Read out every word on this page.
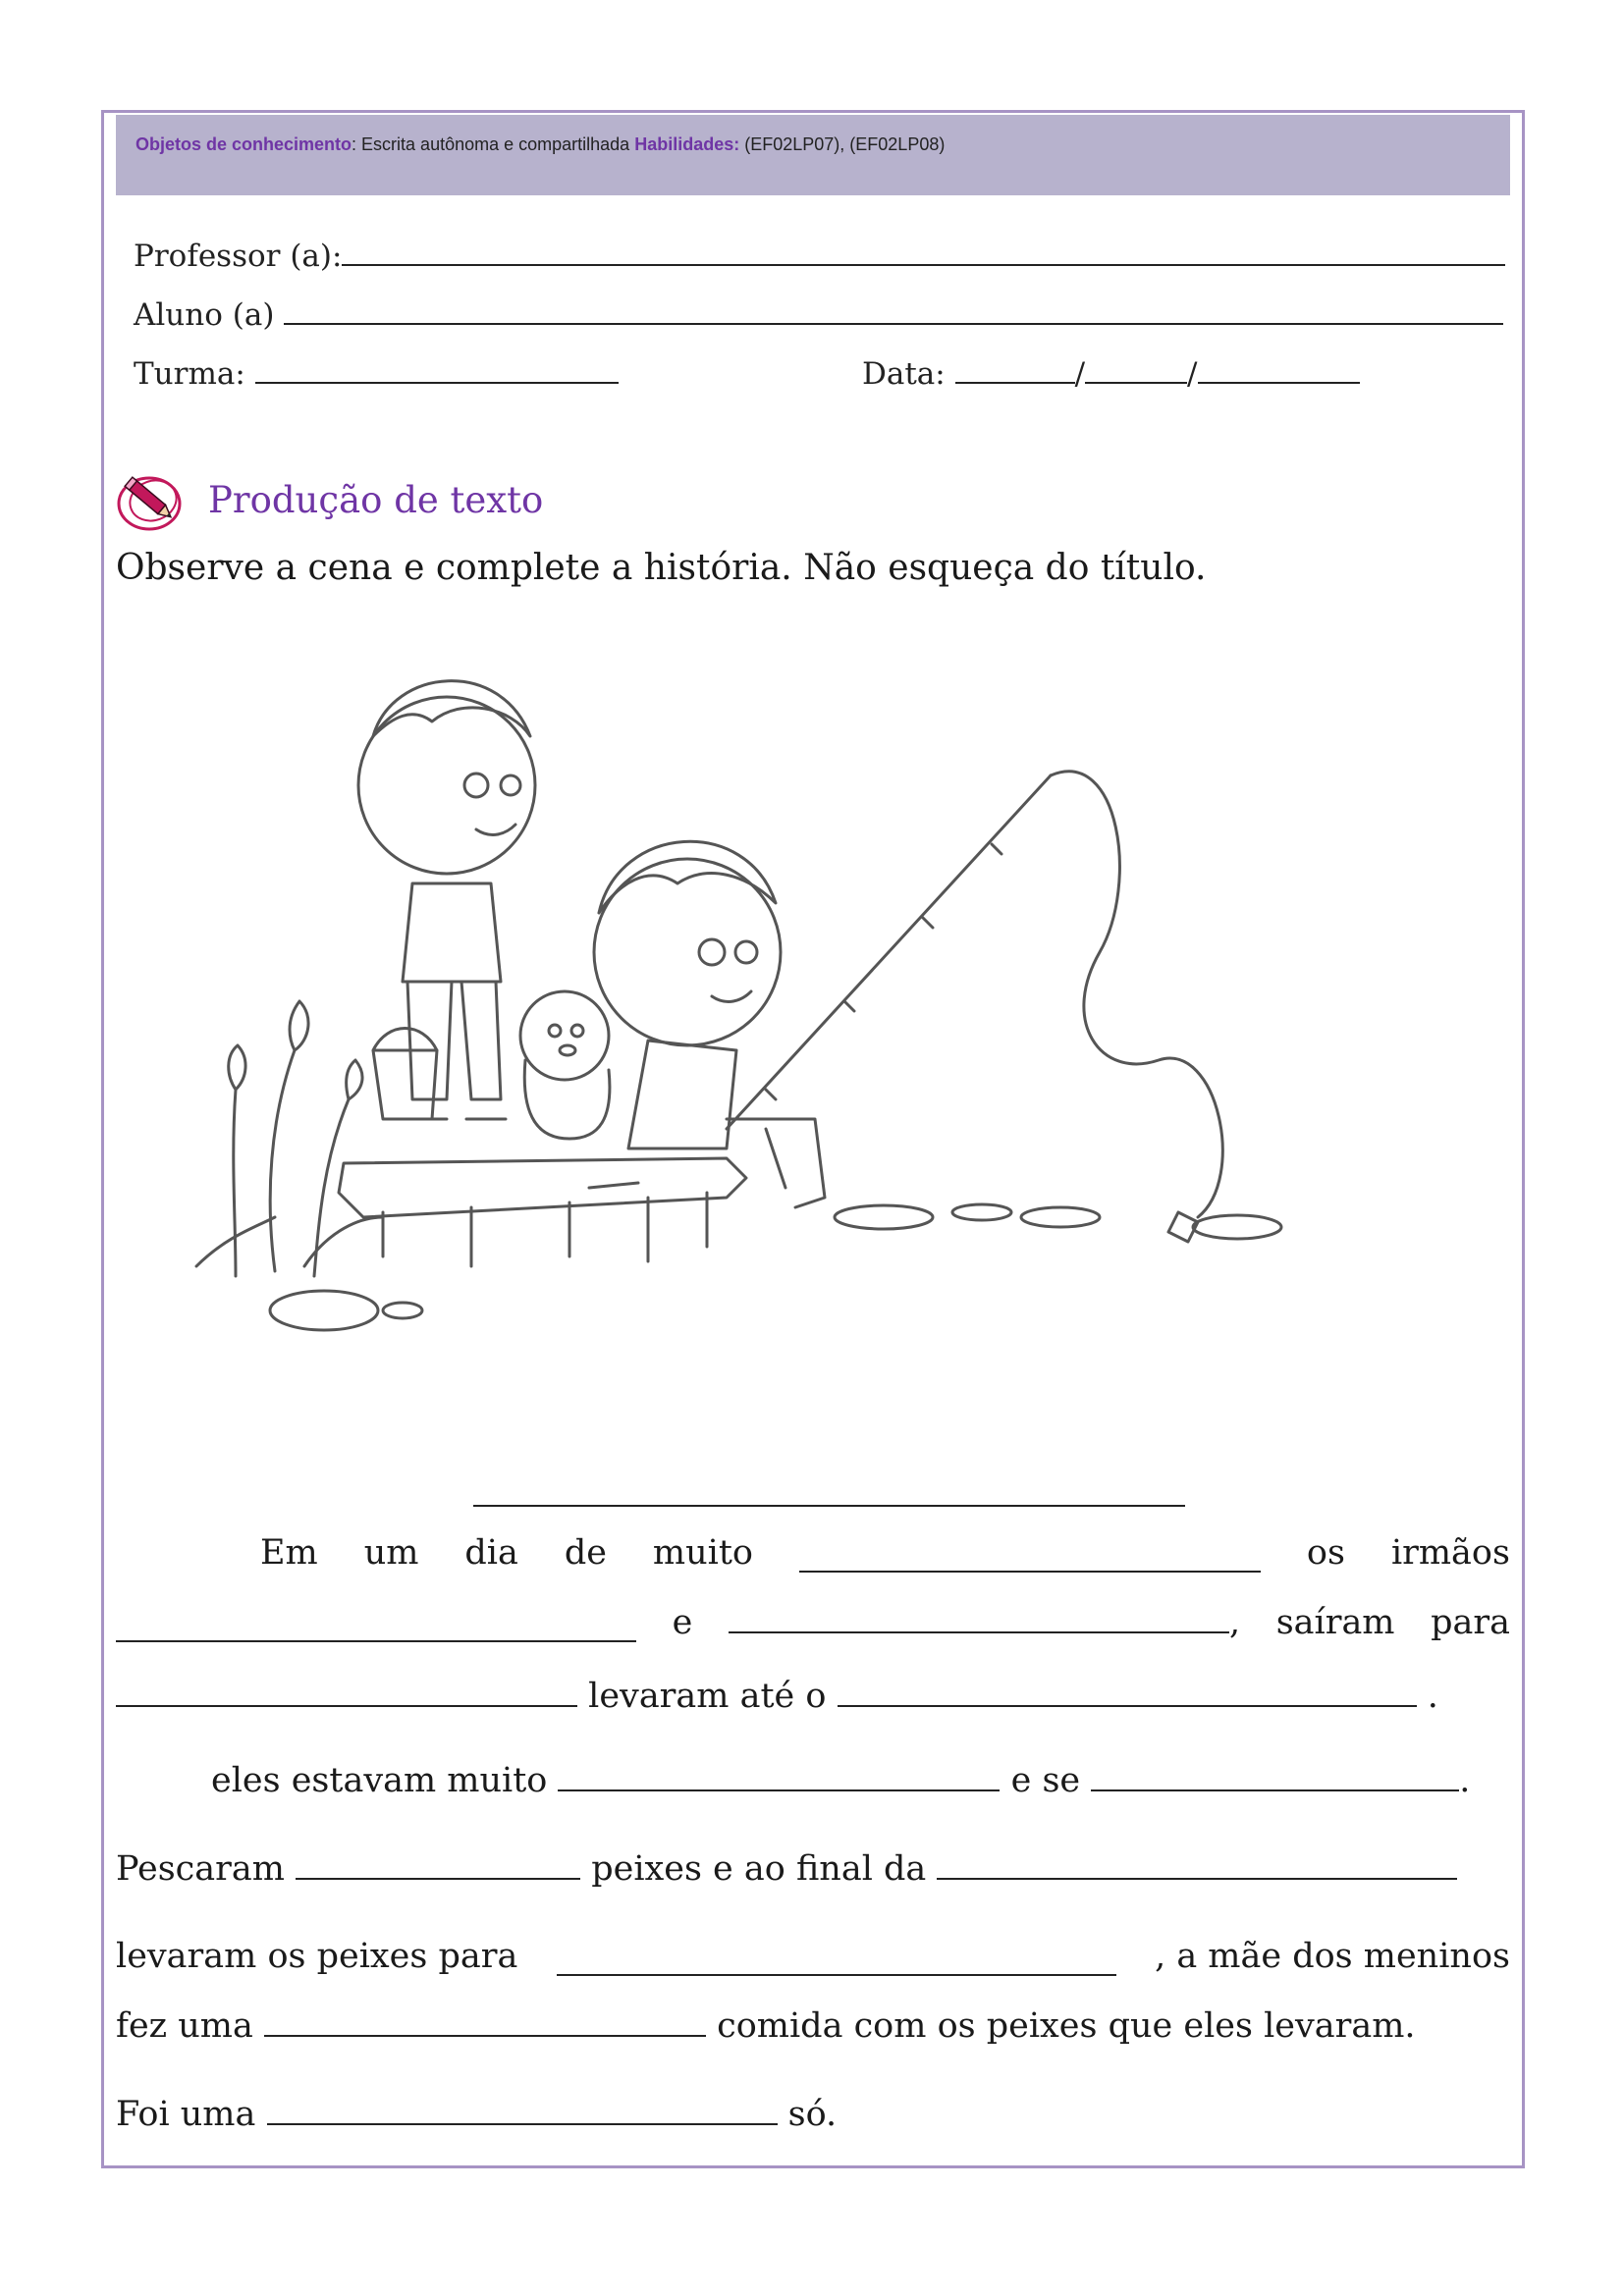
Objetos de conhecimento: Escrita autônoma e compartilhada Habilidades: (EF02LP07), (EF02LP08)
Professor (a):
Aluno (a)
Turma:	Data:	/	/
Produção de texto
Observe a cena e complete a história. Não esqueça do título.
Em um dia de muito	os irmãos
e	, saíram para
levaram até o	.
eles estavam muito	e se	.
Pescaram	peixes e ao final da
levaram os peixes para	, a mãe dos meninos
fez uma	comida com os peixes que eles levaram.
Foi uma	só.
